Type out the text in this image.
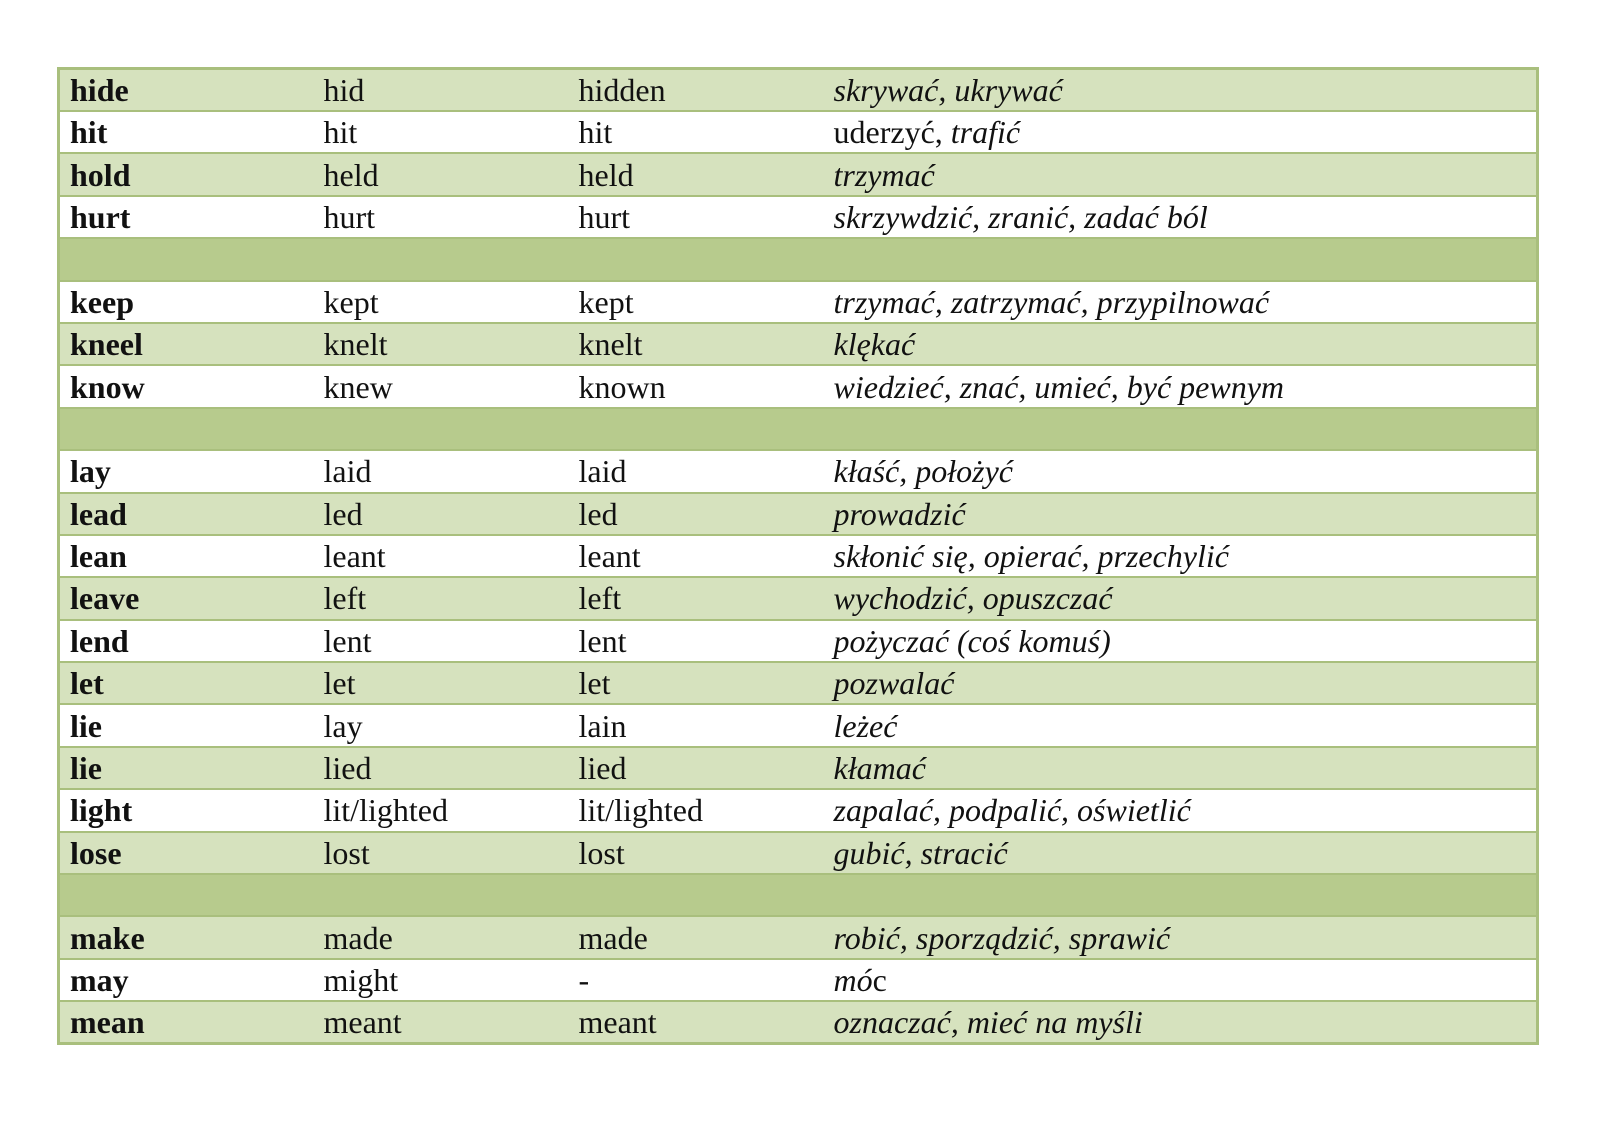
hide	hid	hidden	skrywać, ukrywać
hit	hit	hit	uderzyć, trafić
hold	held	held	trzymać
hurt	hurt	hurt	skrzywdzić, zranić, zadać ból

keep	kept	kept	trzymać, zatrzymać, przypilnować
kneel	knelt	knelt	klękać
know	knew	known	wiedzieć, znać, umieć, być pewnym

lay	laid	laid	kłaść, położyć
lead	led	led	prowadzić
lean	leant	leant	skłonić się, opierać, przechylić
leave	left	left	wychodzić, opuszczać
lend	lent	lent	pożyczać (coś komuś)
let	let	let	pozwalać
lie	lay	lain	leżeć
lie	lied	lied	kłamać
light	lit/lighted	lit/lighted	zapalać, podpalić, oświetlić
lose	lost	lost	gubić, stracić

make	made	made	robić, sporządzić, sprawić
may	might	-	móc
mean	meant	meant	oznaczać, mieć na myśli
